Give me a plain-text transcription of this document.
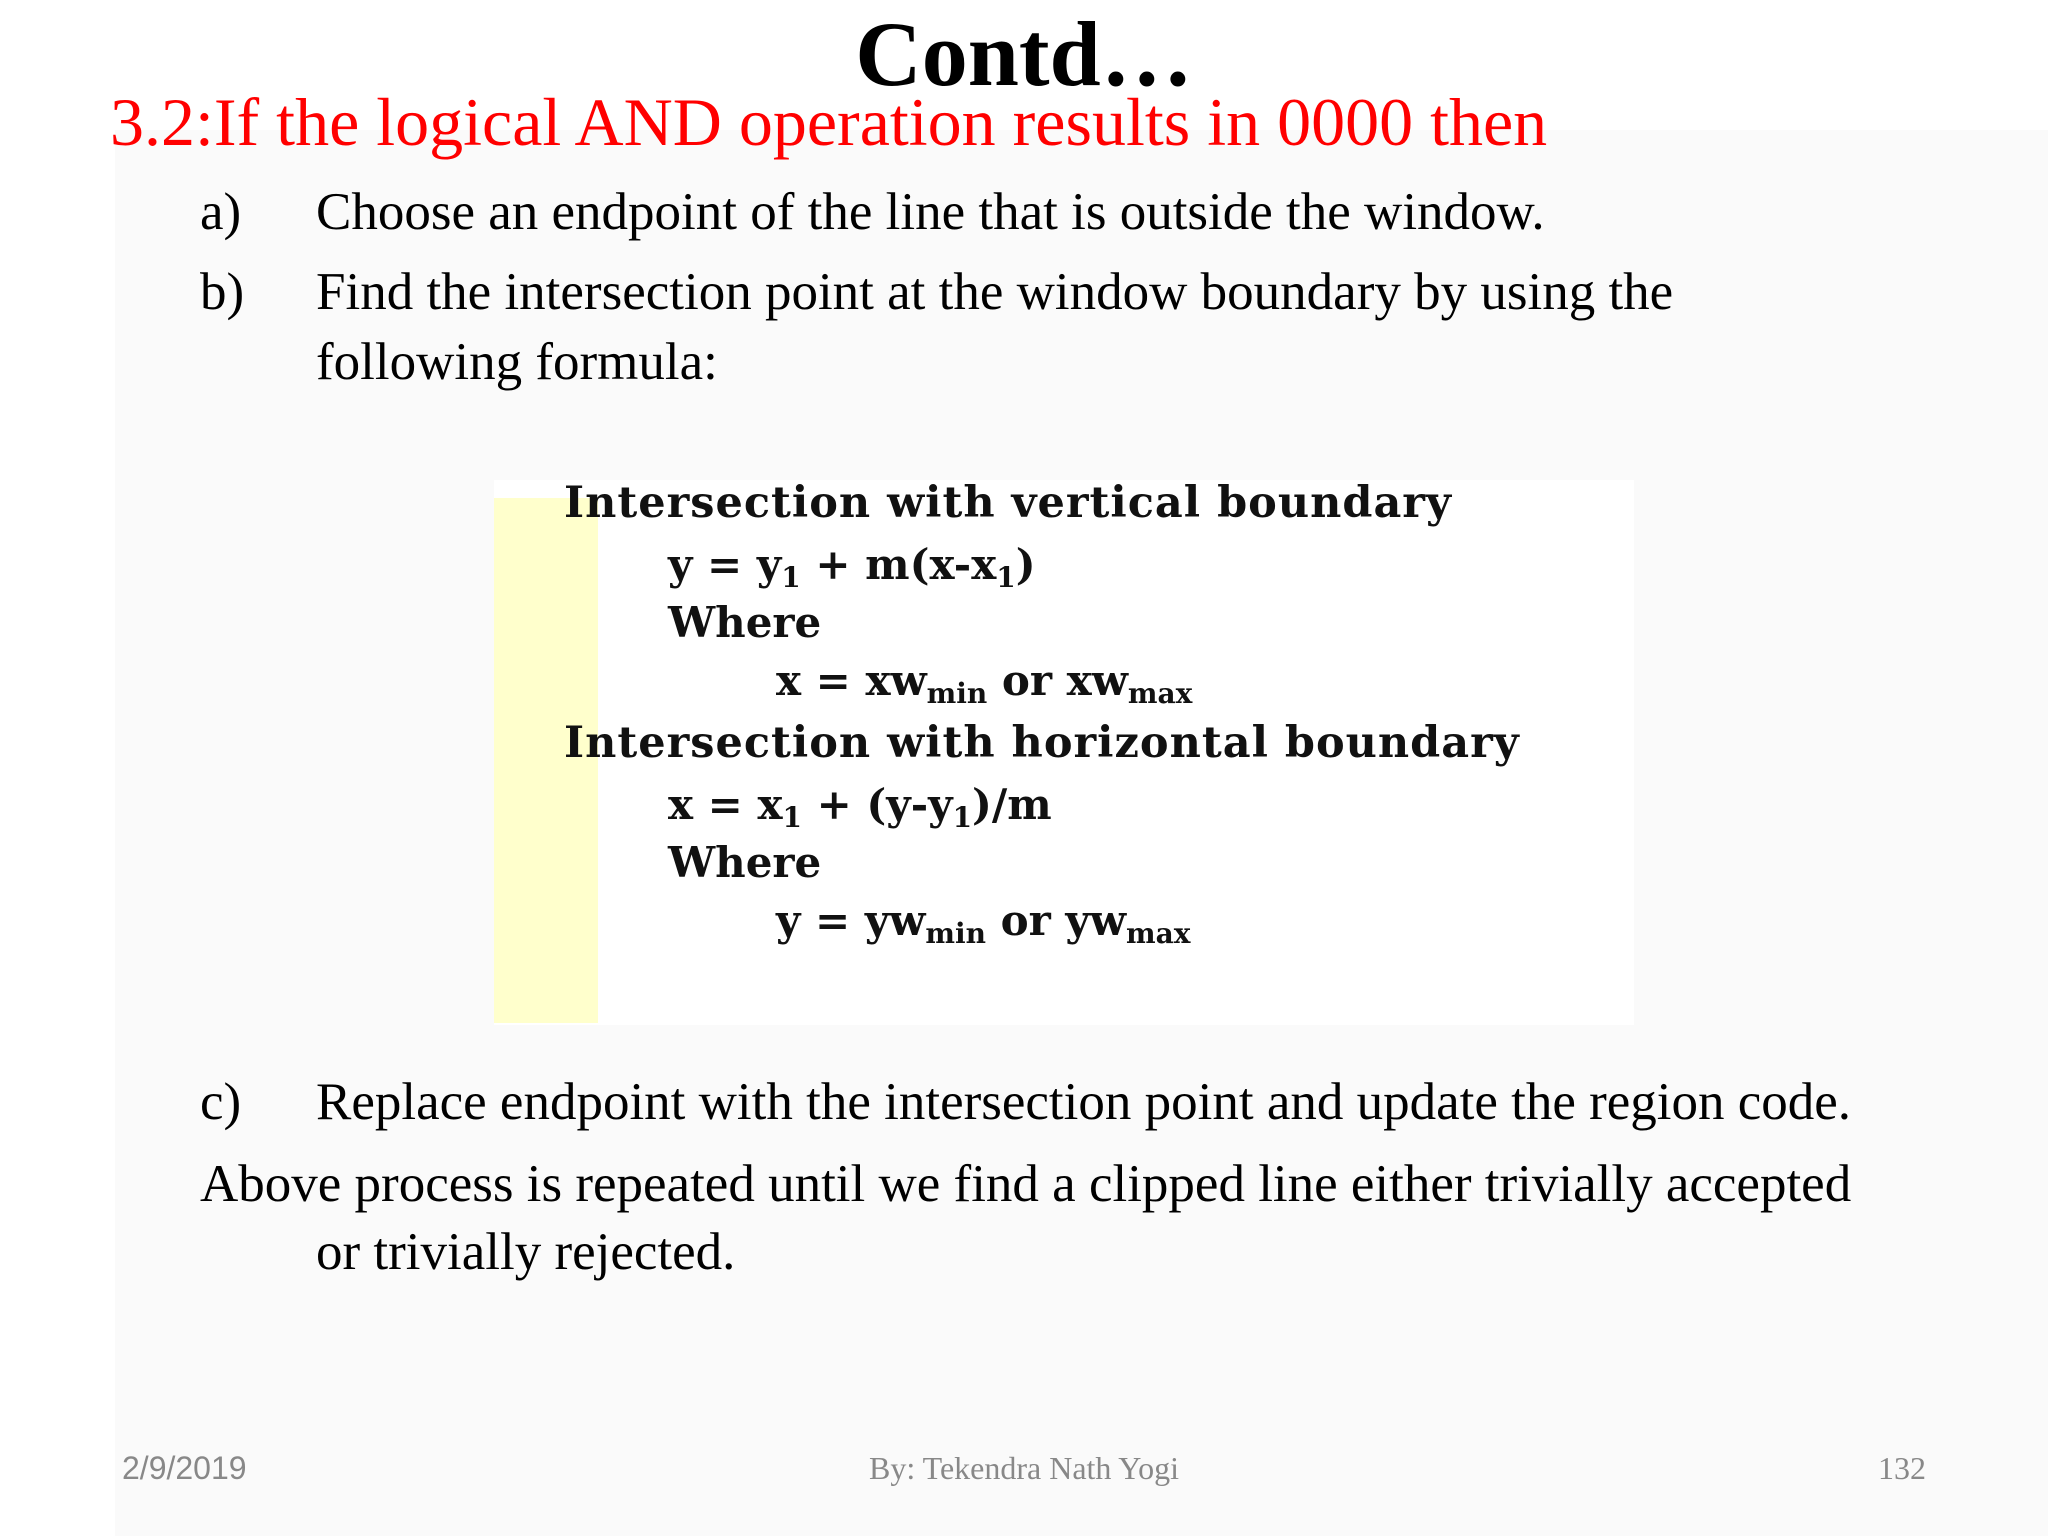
Contd…
3.2:If the logical AND operation results in 0000 then
a) Choose an endpoint of the line that is outside the window.
b) Find the intersection point at the window boundary by using the
following formula:
Intersection with vertical boundary
$y = y_1 + m(x-x_1)$
Where
$x = xw_{min}$ or $xw_{max}$
Intersection with horizontal boundary
$x = x_1 + (y-y_1)/m$
Where
$y = yw_{min}$ or $yw_{max}$
c) Replace endpoint with the intersection point and update the region code.
Above process is repeated until we find a clipped line either trivially accepted
or trivially rejected.
2/9/2019	By: Tekendra Nath Yogi	132
